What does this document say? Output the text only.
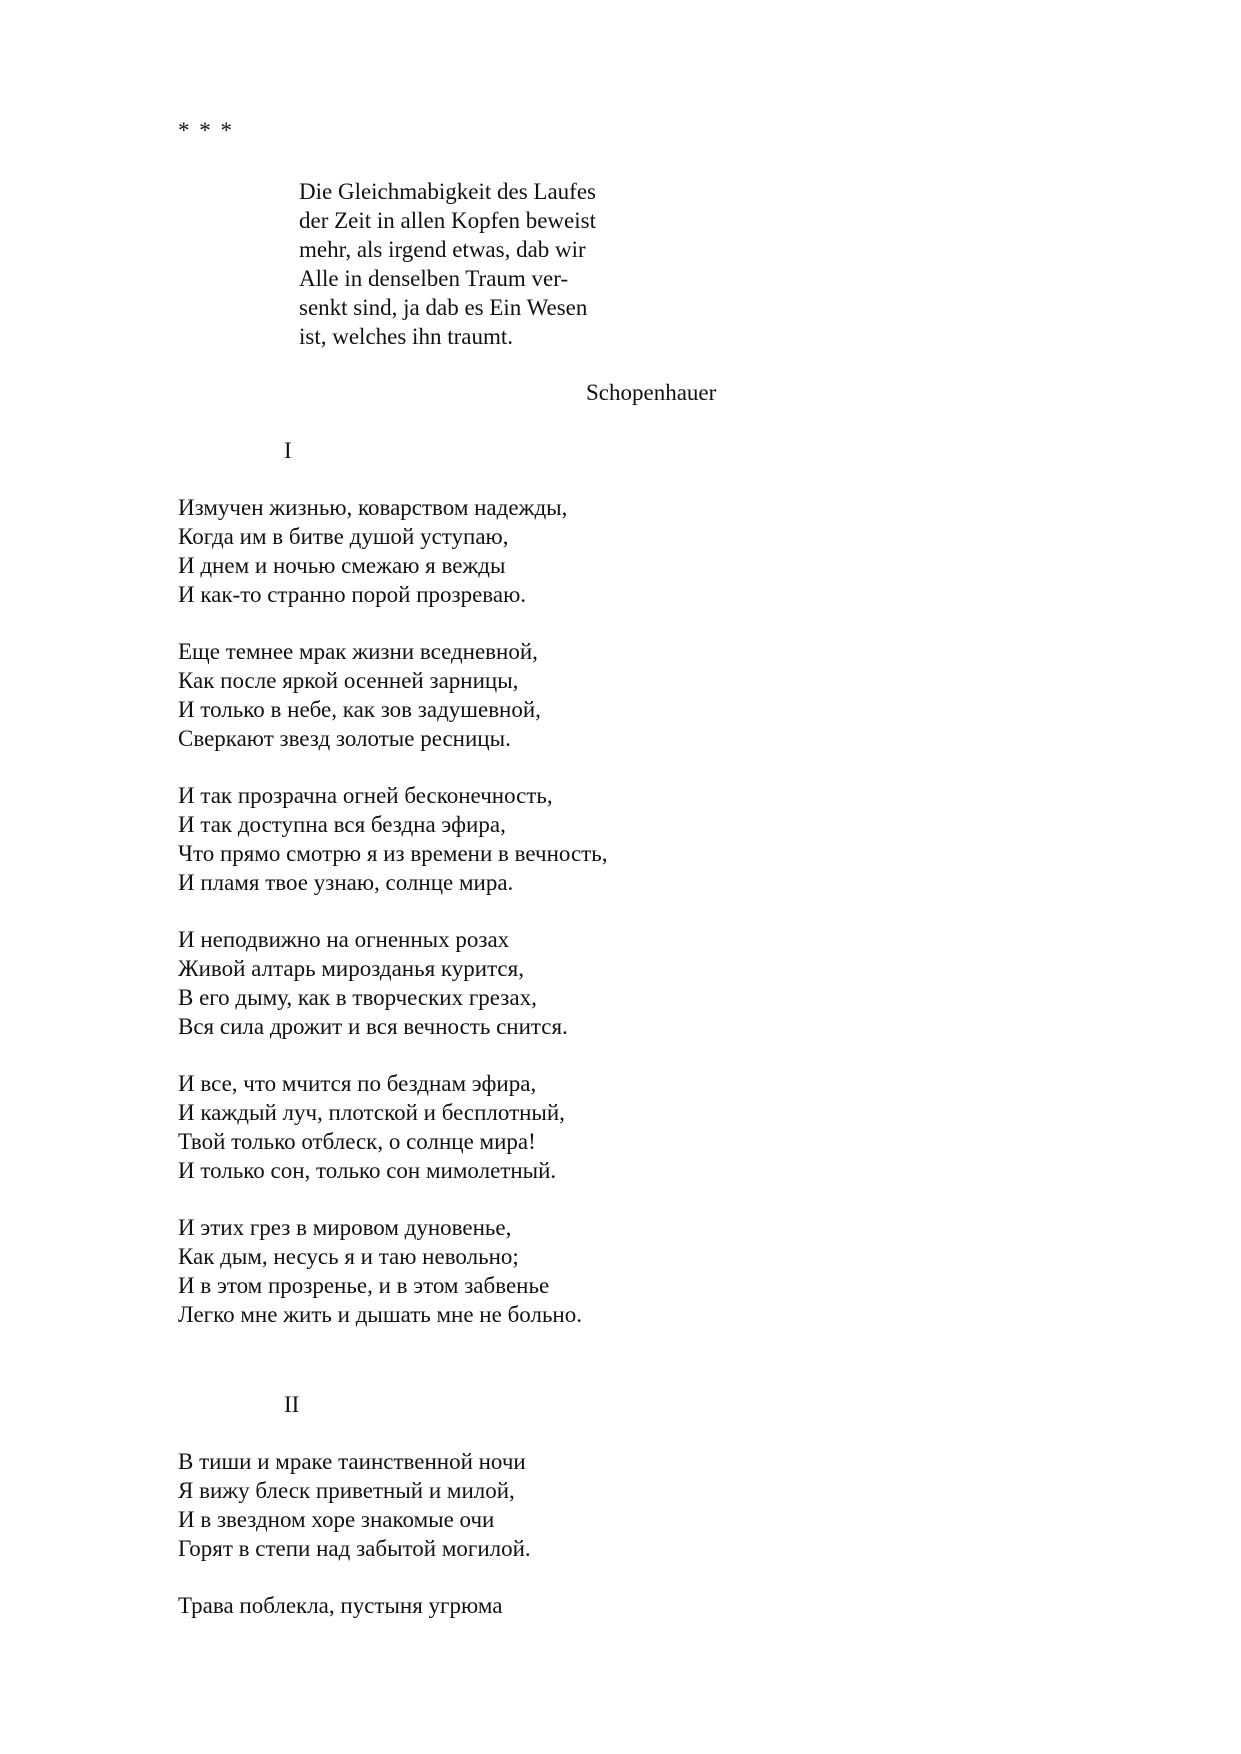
* * *
Die Gleichmabigkeit des Laufes
der Zeit in allen Kopfen beweist
mehr, als irgend etwas, dab wir
Alle in denselben Traum ver-
senkt sind, ja dab es Ein Wesen
ist, welches ihn traumt.
Schopenhauer
I
Измучен жизнью, коварством надежды,
Когда им в битве душой уступаю,
И днем и ночью смежаю я вежды
И как-то странно порой прозреваю.
Еще темнее мрак жизни вседневной,
Как после яркой осенней зарницы,
И только в небе, как зов задушевной,
Сверкают звезд золотые ресницы.
И так прозрачна огней бесконечность,
И так доступна вся бездна эфира,
Что прямо смотрю я из времени в вечность,
И пламя твое узнаю, солнце мира.
И неподвижно на огненных розах
Живой алтарь мирозданья курится,
В его дыму, как в творческих грезах,
Вся сила дрожит и вся вечность снится.
И все, что мчится по безднам эфира,
И каждый луч, плотской и бесплотный,
Твой только отблеск, о солнце мира!
И только сон, только сон мимолетный.
И этих грез в мировом дуновенье,
Как дым, несусь я и таю невольно;
И в этом прозренье, и в этом забвенье
Легко мне жить и дышать мне не больно.
II
В тиши и мраке таинственной ночи
Я вижу блеск приветный и милой,
И в звездном хоре знакомые очи
Горят в степи над забытой могилой.
Трава поблекла, пустыня угрюма
